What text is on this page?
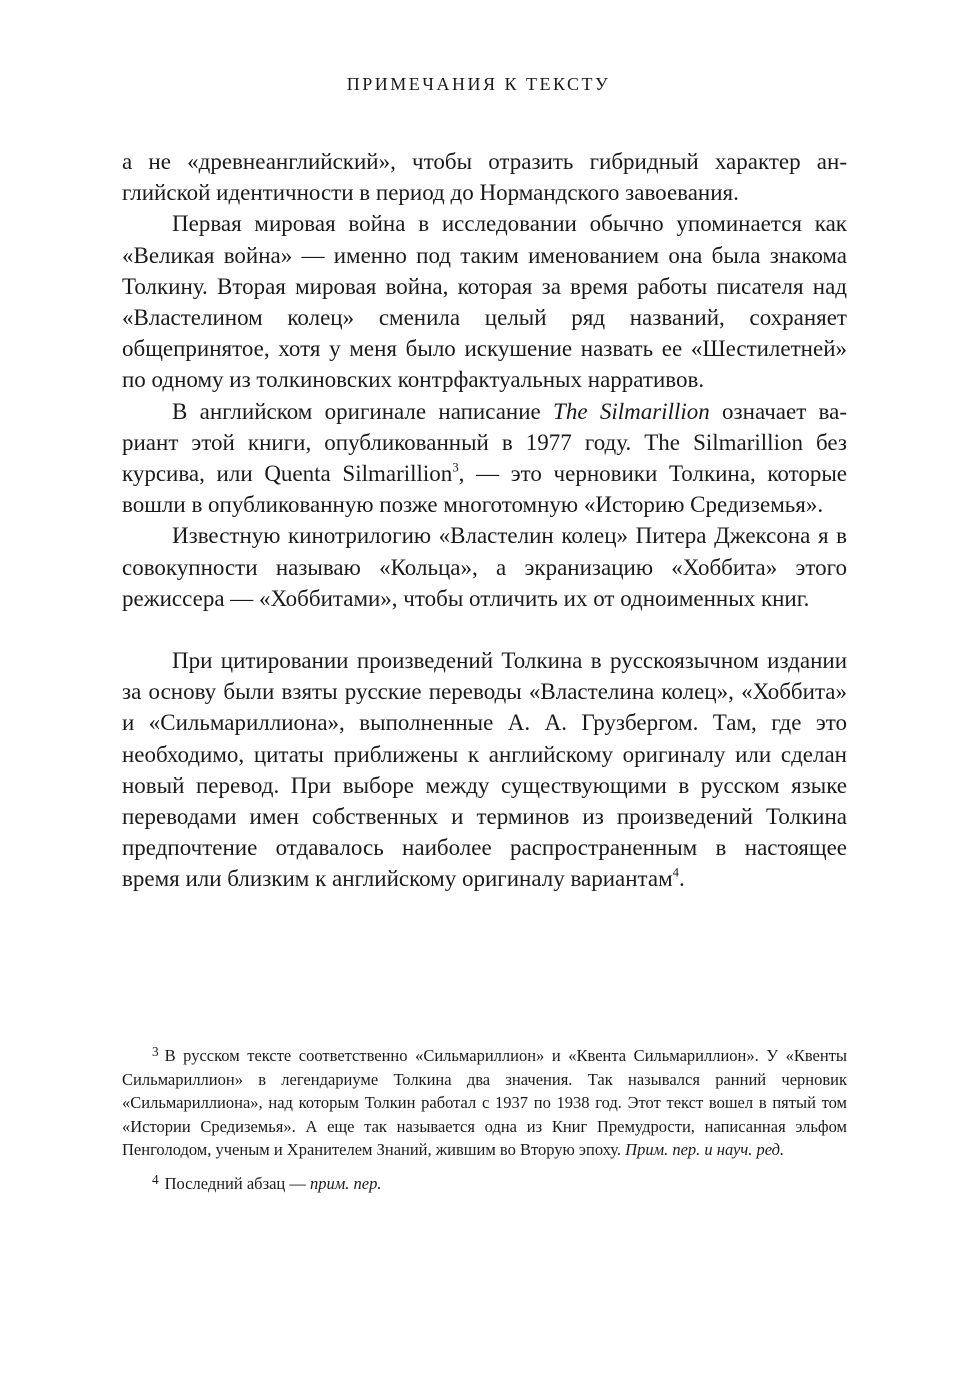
ПРИМЕЧАНИЯ К ТЕКСТУ

а не «древнеанглийский», чтобы отразить гибридный характер английской идентичности в период до Нормандского завоевания.

Первая мировая война в исследовании обычно упоминается как «Великая война» — именно под таким именованием она была знакома Толкину. Вторая мировая война, которая за время работы писателя над «Властелином колец» сменила целый ряд названий, сохраняет общепринятое, хотя у меня было искушение назвать ее «Шестилетней» по одному из толкиновских контрфактуальных нарративов.

В английском оригинале написание The Silmarillion означает вариант этой книги, опубликованный в 1977 году. The Silmarillion без курсива, или Quenta Silmarillion$^3$, — это черновики Толкина, которые вошли в опубликованную позже многотомную «Историю Средиземья».

Известную кинотрилогию «Властелин колец» Питера Джексона я в совокупности называю «Кольца», а экранизацию «Хоббита» этого режиссера — «Хоббитами», чтобы отличить их от одноименных книг.

При цитировании произведений Толкина в русскоязычном издании за основу были взяты русские переводы «Властелина колец», «Хоббита» и «Сильмариллиона», выполненные А. А. Грузбергом. Там, где это необходимо, цитаты приближены к английскому оригиналу или сделан новый перевод. При выборе между существующими в русском языке переводами имен собственных и терминов из произведений Толкина предпочтение отдавалось наиболее распространенным в настоящее время или близким к английскому оригиналу вариантам$^4$.

$^3$ В русском тексте соответственно «Сильмариллион» и «Квента Сильмариллион». У «Квенты Сильмариллион» в легендариуме Толкина два значения. Так назывался ранний черновик «Сильмариллиона», над которым Толкин работал с 1937 по 1938 год. Этот текст вошел в пятый том «Истории Средиземья». А еще так называется одна из Книг Премудрости, написанная эльфом Пенголодом, ученым и Хранителем Знаний, жившим во Вторую эпоху. Прим. пер. и науч. ред.

$^4$ Последний абзац — прим. пер.
